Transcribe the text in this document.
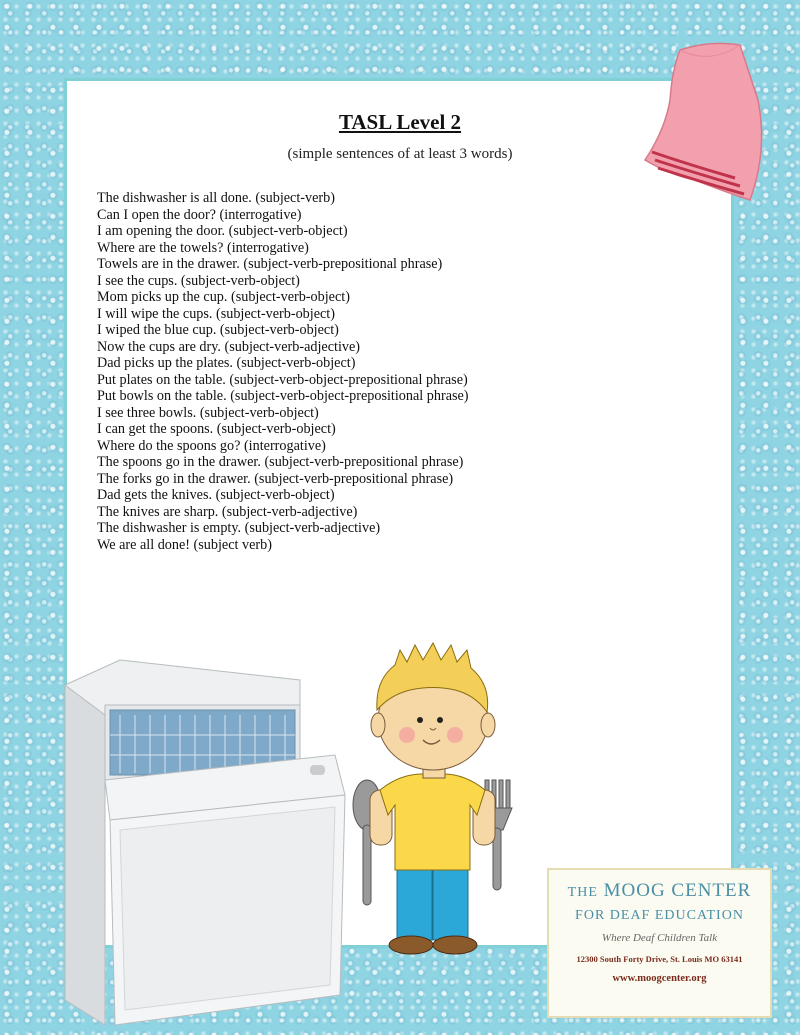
TASL Level 2
(simple sentences of at least 3 words)
The dishwasher is all done. (subject-verb)
Can I open the door? (interrogative)
I am opening the door. (subject-verb-object)
Where are the towels? (interrogative)
Towels are in the drawer. (subject-verb-prepositional phrase)
I see the cups. (subject-verb-object)
Mom picks up the cup. (subject-verb-object)
I will wipe the cups. (subject-verb-object)
I wiped the blue cup. (subject-verb-object)
Now the cups are dry. (subject-verb-adjective)
Dad picks up the plates. (subject-verb-object)
Put plates on the table. (subject-verb-object-prepositional phrase)
Put bowls on the table. (subject-verb-object-prepositional phrase)
I see three bowls. (subject-verb-object)
I can get the spoons. (subject-verb-object)
Where do the spoons go? (interrogative)
The spoons go in the drawer. (subject-verb-prepositional phrase)
The forks go in the drawer. (subject-verb-prepositional phrase)
Dad gets the knives. (subject-verb-object)
The knives are sharp. (subject-verb-adjective)
The dishwasher is empty. (subject-verb-adjective)
We are all done! (subject verb)
THE MOOG CENTER
FOR DEAF EDUCATION
Where Deaf Children Talk
12300 South Forty Drive, St. Louis MO 63141
www.moogcenter.org
